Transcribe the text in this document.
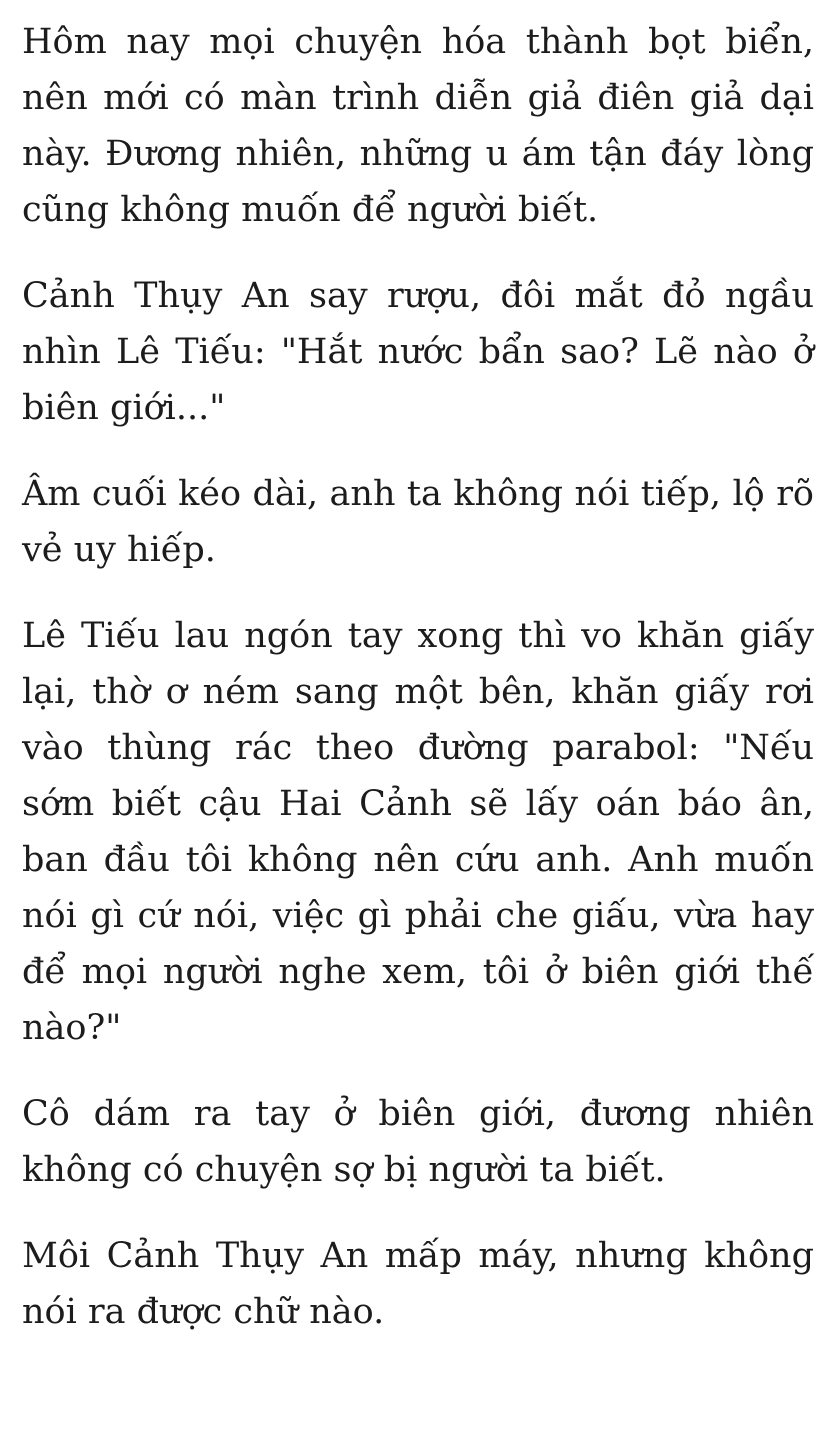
Hôm nay mọi chuyện hóa thành bọt biển, nên mới có màn trình diễn giả điên giả dại này. Đương nhiên, những u ám tận đáy lòng cũng không muốn để người biết.

Cảnh Thụy An say rượu, đôi mắt đỏ ngầu nhìn Lê Tiếu: "Hắt nước bẩn sao? Lẽ nào ở biên giới..."

Âm cuối kéo dài, anh ta không nói tiếp, lộ rõ vẻ uy hiếp.

Lê Tiếu lau ngón tay xong thì vo khăn giấy lại, thờ ơ ném sang một bên, khăn giấy rơi vào thùng rác theo đường parabol: "Nếu sớm biết cậu Hai Cảnh sẽ lấy oán báo ân, ban đầu tôi không nên cứu anh. Anh muốn nói gì cứ nói, việc gì phải che giấu, vừa hay để mọi người nghe xem, tôi ở biên giới thế nào?"

Cô dám ra tay ở biên giới, đương nhiên không có chuyện sợ bị người ta biết.

Môi Cảnh Thụy An mấp máy, nhưng không nói ra được chữ nào.
